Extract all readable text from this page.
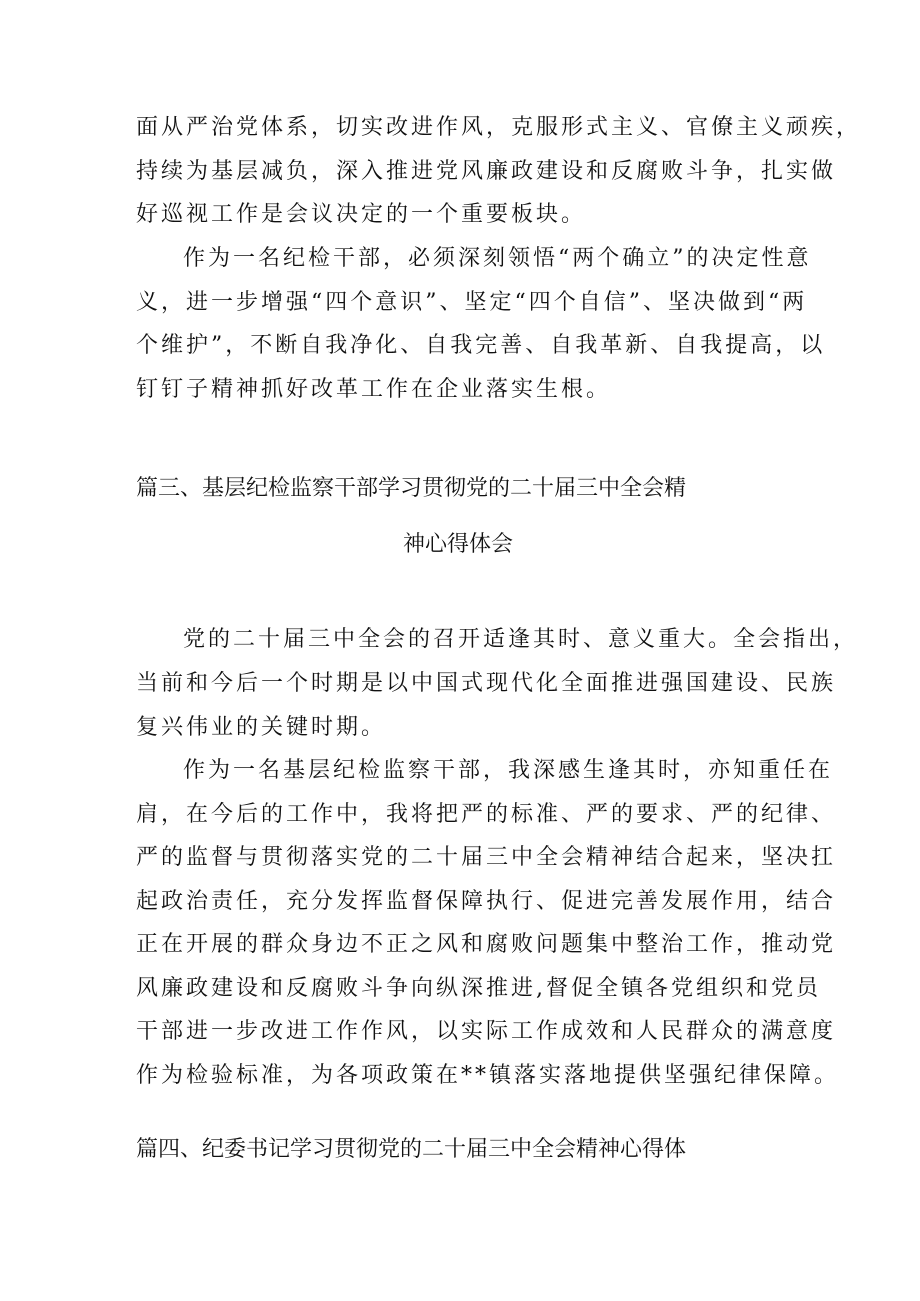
面从严治党体系，切实改进作风，克服形式主义、官僚主义顽疾，
持续为基层减负，深入推进党风廉政建设和反腐败斗争，扎实做
好巡视工作是会议决定的一个重要板块。
作为一名纪检干部，必须深刻领悟“两个确立”的决定性意
义，进一步增强“四个意识”、坚定“四个自信”、坚决做到“两
个维护”，不断自我净化、自我完善、自我革新、自我提高，以
钉钉子精神抓好改革工作在企业落实生根。
篇三、基层纪检监察干部学习贯彻党的二十届三中全会精
神心得体会
党的二十届三中全会的召开适逢其时、意义重大。全会指出，
当前和今后一个时期是以中国式现代化全面推进强国建设、民族
复兴伟业的关键时期。
作为一名基层纪检监察干部，我深感生逢其时，亦知重任在
肩，在今后的工作中，我将把严的标准、严的要求、严的纪律、
严的监督与贯彻落实党的二十届三中全会精神结合起来，坚决扛
起政治责任，充分发挥监督保障执行、促进完善发展作用，结合
正在开展的群众身边不正之风和腐败问题集中整治工作，推动党
风廉政建设和反腐败斗争向纵深推进,督促全镇各党组织和党员
干部进一步改进工作作风，以实际工作成效和人民群众的满意度
作为检验标准，为各项政策在**镇落实落地提供坚强纪律保障。
篇四、纪委书记学习贯彻党的二十届三中全会精神心得体
